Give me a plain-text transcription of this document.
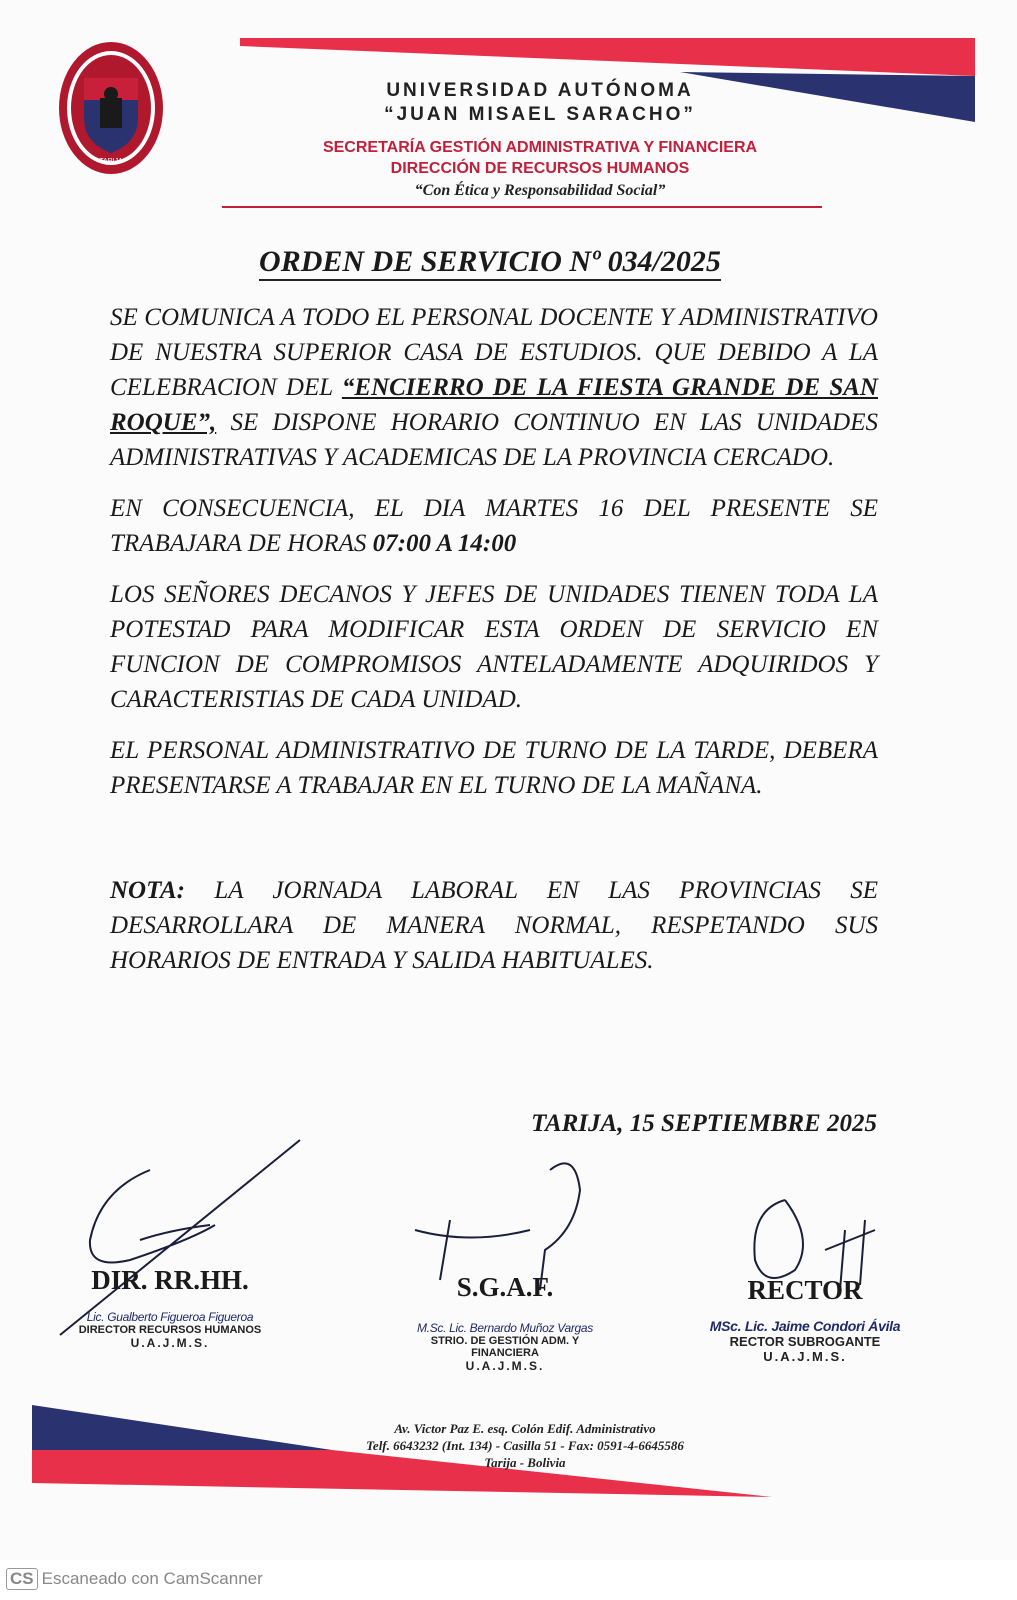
TARIJA
UNIVERSIDAD AUTÓNOMA
“JUAN MISAEL SARACHO”
SECRETARÍA GESTIÓN ADMINISTRATIVA Y FINANCIERA
DIRECCIÓN DE RECURSOS HUMANOS
“Con Ética y Responsabilidad Social”
ORDEN DE SERVICIO Nº 034/2025

SE COMUNICA A TODO EL PERSONAL DOCENTE Y ADMINISTRATIVO DE NUESTRA SUPERIOR CASA DE ESTUDIOS. QUE DEBIDO A LA CELEBRACION DEL “ENCIERRO DE LA FIESTA GRANDE DE SAN ROQUE”, SE DISPONE HORARIO CONTINUO EN LAS UNIDADES ADMINISTRATIVAS Y ACADEMICAS DE LA PROVINCIA CERCADO.

EN CONSECUENCIA, EL DIA MARTES 16 DEL PRESENTE SE TRABAJARA DE HORAS 07:00 A 14:00

LOS SEÑORES DECANOS Y JEFES DE UNIDADES TIENEN TODA LA POTESTAD PARA MODIFICAR ESTA ORDEN DE SERVICIO EN FUNCION DE COMPROMISOS ANTELADAMENTE ADQUIRIDOS Y CARACTERISTIAS DE CADA UNIDAD.

EL PERSONAL ADMINISTRATIVO DE TURNO DE LA TARDE, DEBERA PRESENTARSE A TRABAJAR EN EL TURNO DE LA MAÑANA.

NOTA: LA JORNADA LABORAL EN LAS PROVINCIAS SE DESARROLLARA DE MANERA NORMAL, RESPETANDO SUS HORARIOS DE ENTRADA Y SALIDA HABITUALES.

TARIJA, 15 SEPTIEMBRE 2025
DIR. RR.HH.
Lic. Gualberto Figueroa Figueroa
DIRECTOR RECURSOS HUMANOS
U.A.J.M.S.
S.G.A.F.
M.Sc. Lic. Bernardo Muñoz Vargas
STRIO. DE GESTIÓN ADM. Y FINANCIERA
U.A.J.M.S.
RECTOR
MSc. Lic. Jaime Condori Ávila
RECTOR SUBROGANTE
U.A.J.M.S.
Av. Victor Paz E. esq. Colón Edif. Administrativo
Telf. 6643232 (Int. 134) - Casilla 51 - Fax: 0591-4-6645586
Tarija - Bolivia
CS Escaneado con CamScanner
